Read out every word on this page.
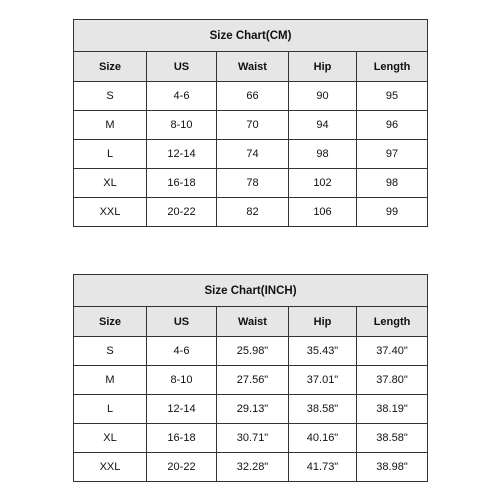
Size Chart(CM)				
Size	US	Waist	Hip	Length
S	4-6	66	90	95
M	8-10	70	94	96
L	12-14	74	98	97
XL	16-18	78	102	98
XXL	20-22	82	106	99
Size Chart(INCH)				
Size	US	Waist	Hip	Length
S	4-6	25.98"	35.43"	37.40"
M	8-10	27.56"	37.01"	37.80"
L	12-14	29.13"	38.58"	38.19"
XL	16-18	30.71"	40.16"	38.58"
XXL	20-22	32.28"	41.73"	38.98"
